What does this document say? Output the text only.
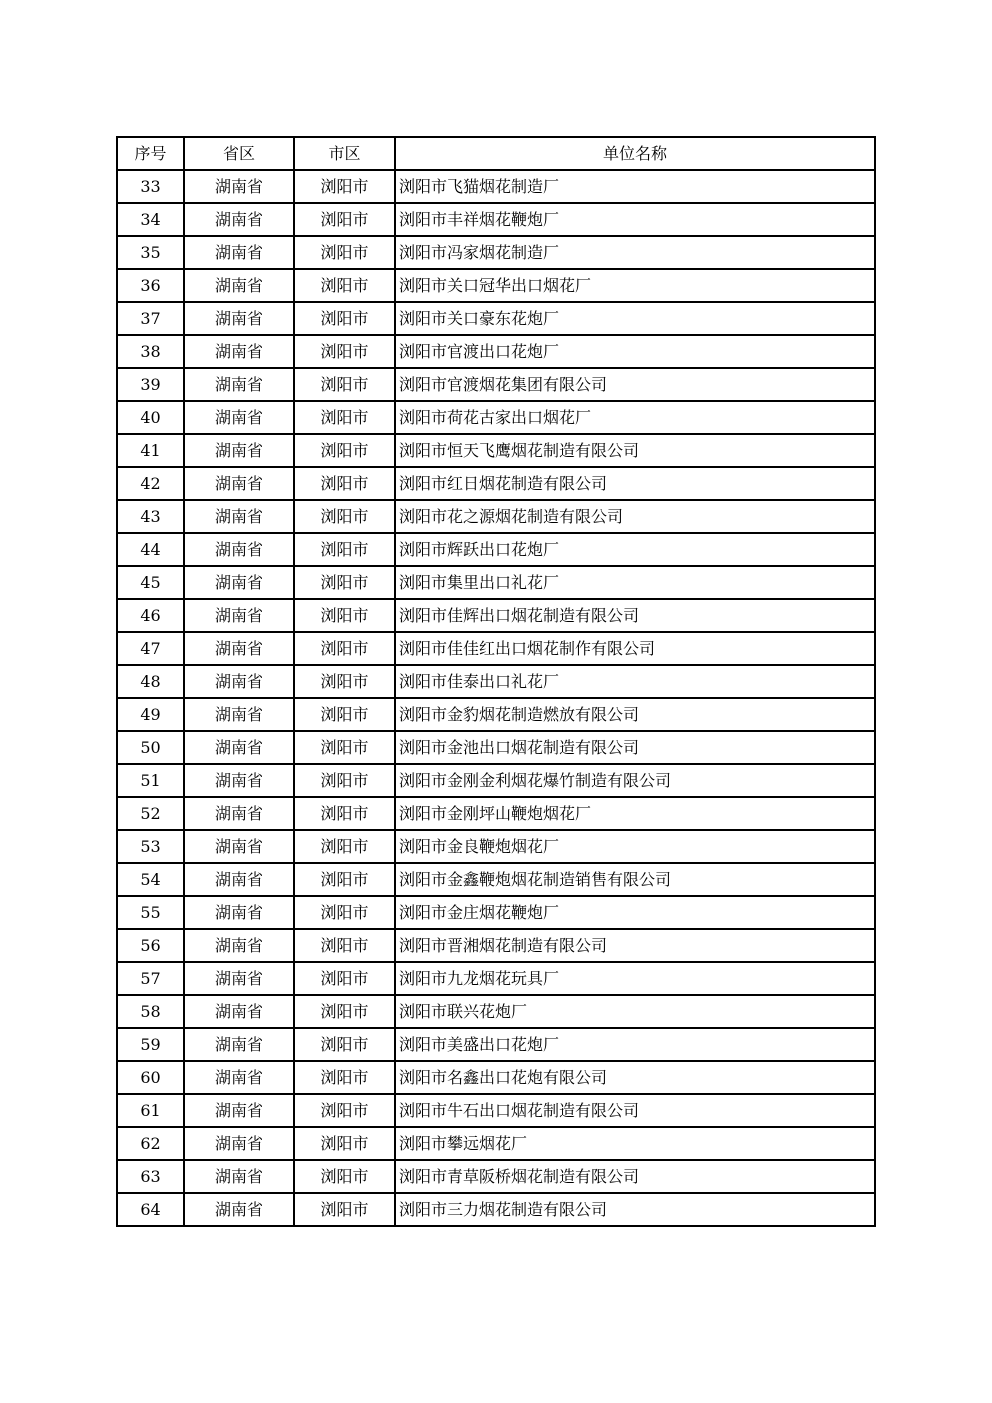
序号	省区	市区	单位名称
33	湖南省	浏阳市	浏阳市飞猫烟花制造厂
34	湖南省	浏阳市	浏阳市丰祥烟花鞭炮厂
35	湖南省	浏阳市	浏阳市冯家烟花制造厂
36	湖南省	浏阳市	浏阳市关口冠华出口烟花厂
37	湖南省	浏阳市	浏阳市关口豪东花炮厂
38	湖南省	浏阳市	浏阳市官渡出口花炮厂
39	湖南省	浏阳市	浏阳市官渡烟花集团有限公司
40	湖南省	浏阳市	浏阳市荷花古家出口烟花厂
41	湖南省	浏阳市	浏阳市恒天飞鹰烟花制造有限公司
42	湖南省	浏阳市	浏阳市红日烟花制造有限公司
43	湖南省	浏阳市	浏阳市花之源烟花制造有限公司
44	湖南省	浏阳市	浏阳市辉跃出口花炮厂
45	湖南省	浏阳市	浏阳市集里出口礼花厂
46	湖南省	浏阳市	浏阳市佳辉出口烟花制造有限公司
47	湖南省	浏阳市	浏阳市佳佳红出口烟花制作有限公司
48	湖南省	浏阳市	浏阳市佳泰出口礼花厂
49	湖南省	浏阳市	浏阳市金豹烟花制造燃放有限公司
50	湖南省	浏阳市	浏阳市金池出口烟花制造有限公司
51	湖南省	浏阳市	浏阳市金刚金利烟花爆竹制造有限公司
52	湖南省	浏阳市	浏阳市金刚坪山鞭炮烟花厂
53	湖南省	浏阳市	浏阳市金良鞭炮烟花厂
54	湖南省	浏阳市	浏阳市金鑫鞭炮烟花制造销售有限公司
55	湖南省	浏阳市	浏阳市金庄烟花鞭炮厂
56	湖南省	浏阳市	浏阳市晋湘烟花制造有限公司
57	湖南省	浏阳市	浏阳市九龙烟花玩具厂
58	湖南省	浏阳市	浏阳市联兴花炮厂
59	湖南省	浏阳市	浏阳市美盛出口花炮厂
60	湖南省	浏阳市	浏阳市名鑫出口花炮有限公司
61	湖南省	浏阳市	浏阳市牛石出口烟花制造有限公司
62	湖南省	浏阳市	浏阳市攀远烟花厂
63	湖南省	浏阳市	浏阳市青草阪桥烟花制造有限公司
64	湖南省	浏阳市	浏阳市三力烟花制造有限公司
